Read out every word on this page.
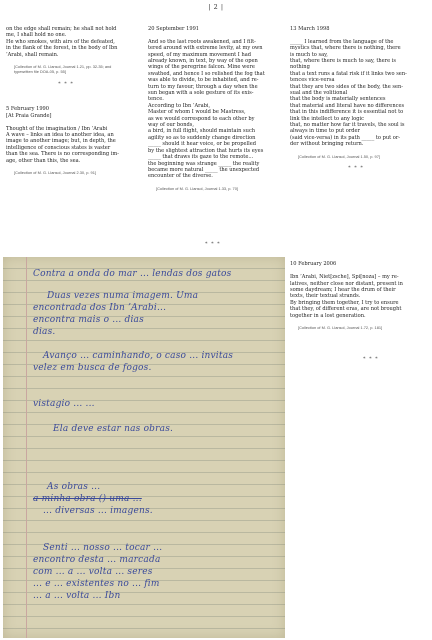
| 2 |

on the edge shall remain; he shall not hold

me, I shall hold no one.

He who smokes, with airs of the defeated,

in the flank of the forest, in the body of Ibn

’Arabi, shall remain.

[Collection of M. G. Llansol, Journal 1.21, pp. 32-35; and

typewritten file DOA-05, p. 55]

* * *

5 February 1990

[At Praia Grande]

Thought of the imagination / Ibn ’Arabi

A wave – links an idea to another idea, an

image to another image; but, in depth, the

intelligence of conscious states is vaster

than the sea. There is no corresponding im-

age, other than this, the sea.

[Collection of M. G. Llansol, Journal 2.30, p. 91]

20 September 1991

And so the last roots awakened, and I filt-

tered around with extreme levity, at my own

speed, of my maximum movement I had

already known, in text, by way of the open

wings of the peregrine falcon. Mine were

swathed, and hence I so relished the fog that

was able to divide, to be inhabited, and re-

turn to my favour, through a day when the

sun began with a sole gesture of its exis-

tence.

According to Ibn ’Arabi,

Master of whom I would be Mastress,

as we would correspond to each other by

way of our bonds,

a bird, in full flight, should maintain such

agility so as to suddenly change direction

_____ should it hear voice, or be propelled

by the slightest attraction that hurts its eyes

_____ that draws its gaze to the remote...

the beginning was strange _____ the reality

became more natural _____ the unexpected

encounter of the diverse.

[Collection of M. G. Llansol, Journal 1.33, p. 70]

13 March 1998

_____ I learned from the language of the

mystics that, where there is nothing, there

is much to say,

that, where there is much to say, there is

nothing

that a text runs a fatal risk if it links two sen-

tences vice-versa

that they are two sides of the body, the sen-

sual and the volitional

that the body is materially sentences

that material and literal have no differences

that in this indifference it is essential not to

link the intellect to any logic

that, no matter how far it travels, the soul is

always in time to put order

(said vice-versa) in its path _____ to put or-

der without bringing return.

[Collection of M. G. Llansol, Journal 1.50, p. 97]

* * *

10 February 2006

Ibn ’Arabi, Niet[zsche], Spi[noza] – my re-

latives, neither close nor distant, present in

some daydream; I hear the drum of their

texts, their textual strands.

By bringing them together, I try to ensure

that they, of different eras, are not brought

together in a lost generation.

[Collection of M. G. Llansol, Journal 1.72, p. 181]

* * *
Contra a onda do mar ... lendas dos gatos
Duas vezes numa imagem. Uma
encontrada dos Ibn ’Arabi...
encontra mais o ... dias
dias.
Avanço ... caminhando, o caso ... invitas
velez em busca de fogos.
vistagio ... ...
Ela deve estar nas obras.
As obras ...
a minha obra () uma ...
... diversas ... imagens.
Senti ... nosso ... tocar ...
encontro desta ... marcada
com ... a ... volta ... seres
... e ... existentes no ... fim
... a ... volta ... Ibn
* * *
